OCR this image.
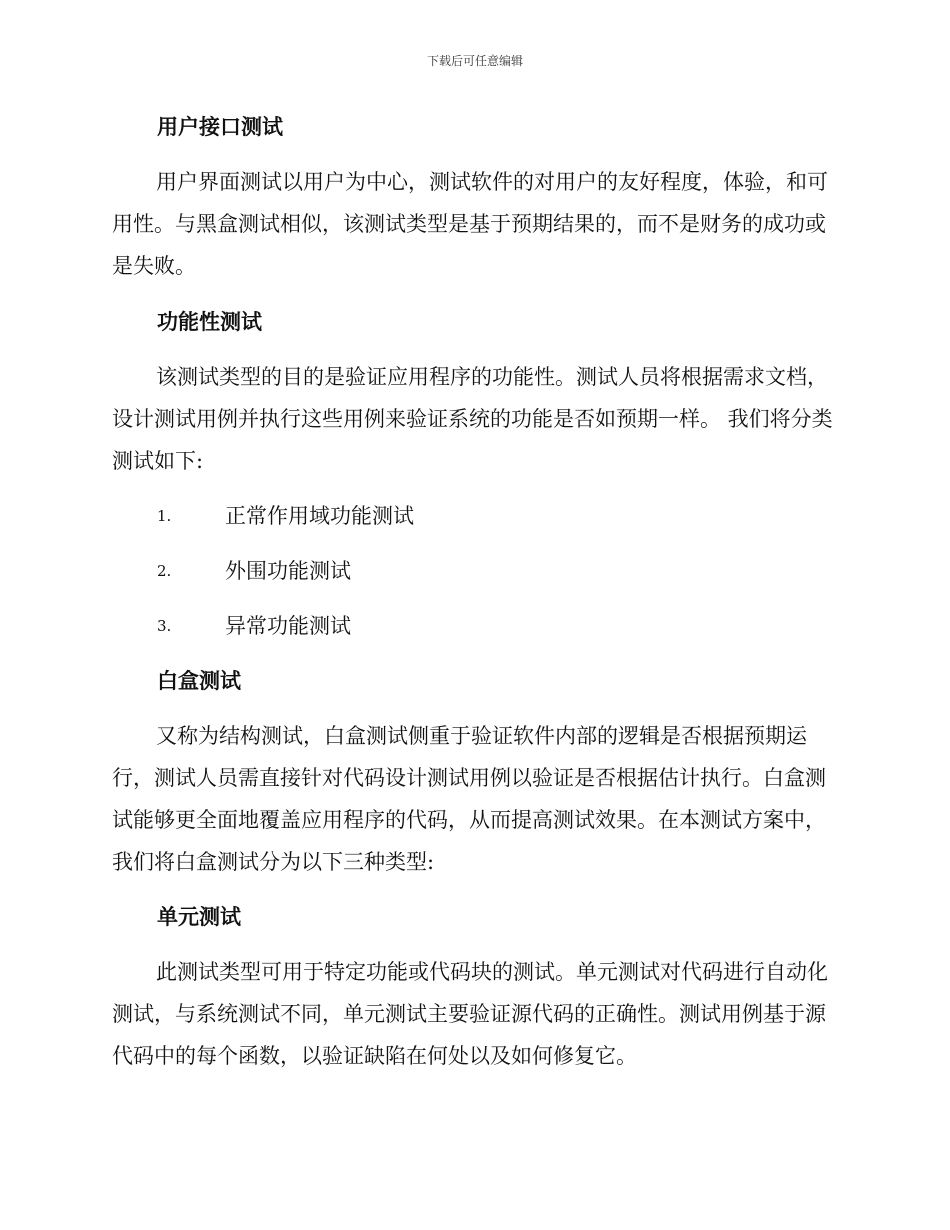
下载后可任意编辑
用户接口测试

用户界面测试以用户为中心，测试软件的对用户的友好程度，体验，和可用性。与黑盒测试相似，该测试类型是基于预期结果的，而不是财务的成功或是失败。

功能性测试

该测试类型的目的是验证应用程序的功能性。测试人员将根据需求文档，设计测试用例并执行这些用例来验证系统的功能是否如预期一样。 我们将分类测试如下:

1.	正常作用域功能测试
2.	外围功能测试
3.	异常功能测试
白盒测试

又称为结构测试，白盒测试侧重于验证软件内部的逻辑是否根据预期运行，测试人员需直接针对代码设计测试用例以验证是否根据估计执行。白盒测试能够更全面地覆盖应用程序的代码，从而提高测试效果。在本测试方案中，我们将白盒测试分为以下三种类型:

单元测试

此测试类型可用于特定功能或代码块的测试。单元测试对代码进行自动化测试，与系统测试不同，单元测试主要验证源代码的正确性。测试用例基于源代码中的每个函数，以验证缺陷在何处以及如何修复它。
